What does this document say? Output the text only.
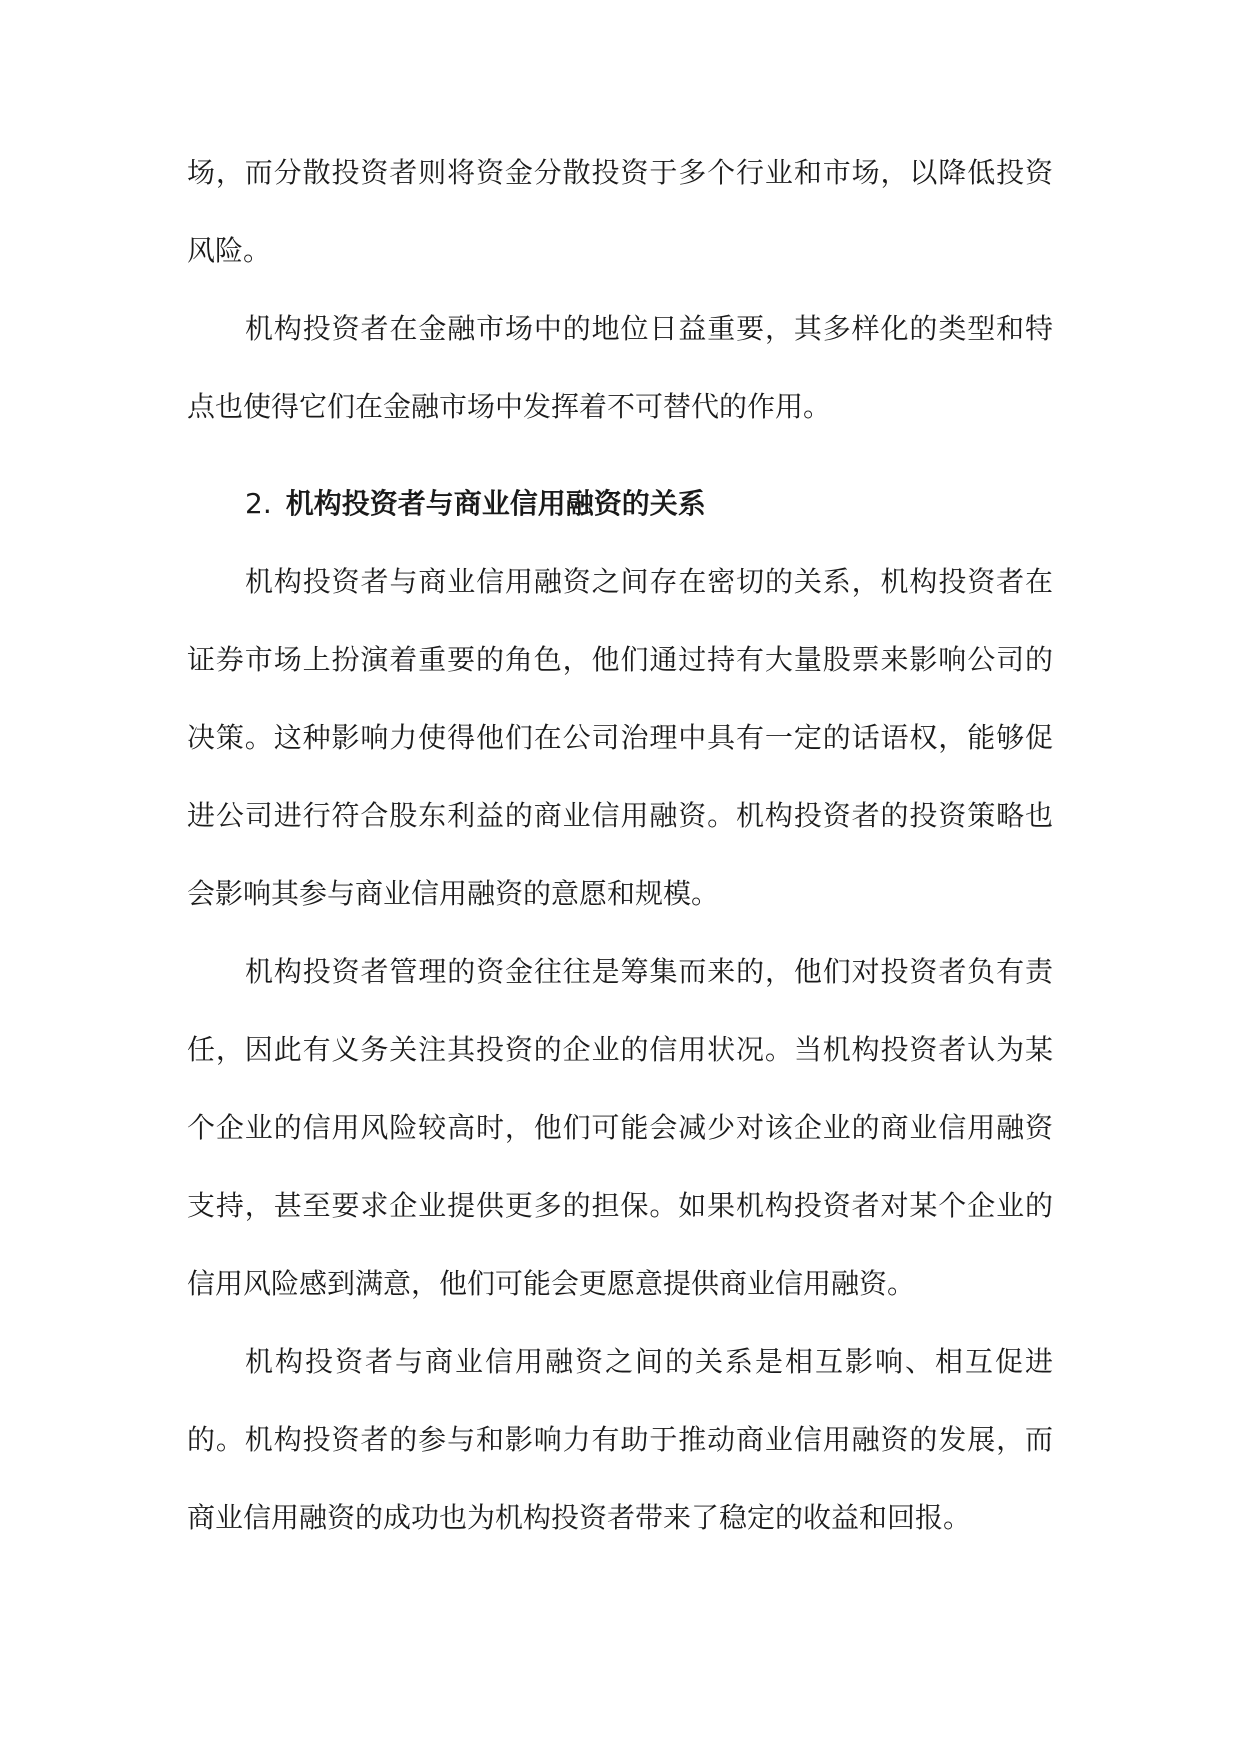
场，而分散投资者则将资金分散投资于多个行业和市场，以降低投资风险。

机构投资者在金融市场中的地位日益重要，其多样化的类型和特点也使得它们在金融市场中发挥着不可替代的作用。

2. 机构投资者与商业信用融资的关系

机构投资者与商业信用融资之间存在密切的关系，机构投资者在证券市场上扮演着重要的角色，他们通过持有大量股票来影响公司的决策。这种影响力使得他们在公司治理中具有一定的话语权，能够促进公司进行符合股东利益的商业信用融资。机构投资者的投资策略也会影响其参与商业信用融资的意愿和规模。

机构投资者管理的资金往往是筹集而来的，他们对投资者负有责任，因此有义务关注其投资的企业的信用状况。当机构投资者认为某个企业的信用风险较高时，他们可能会减少对该企业的商业信用融资支持，甚至要求企业提供更多的担保。如果机构投资者对某个企业的信用风险感到满意，他们可能会更愿意提供商业信用融资。

机构投资者与商业信用融资之间的关系是相互影响、相互促进的。机构投资者的参与和影响力有助于推动商业信用融资的发展，而商业信用融资的成功也为机构投资者带来了稳定的收益和回报。
